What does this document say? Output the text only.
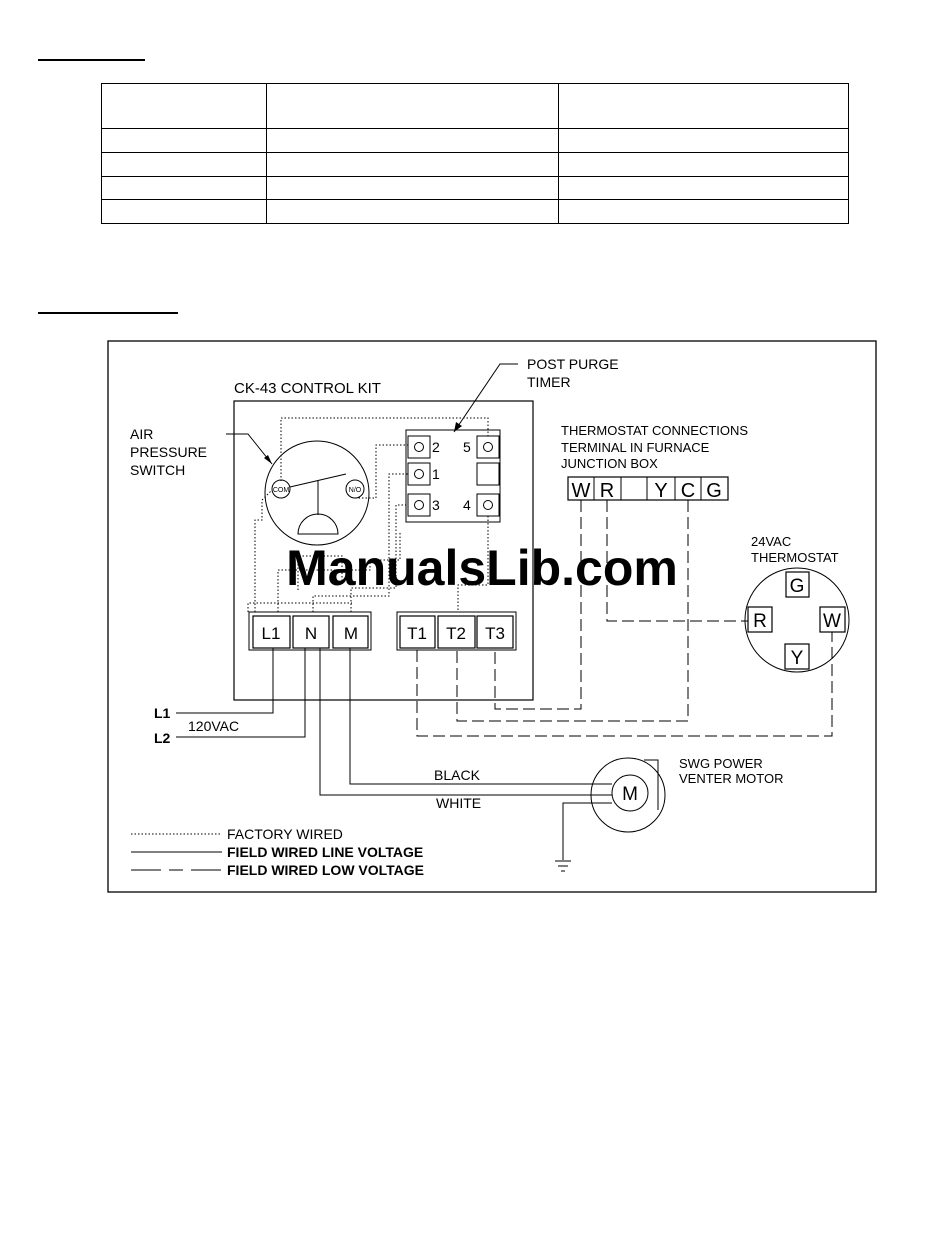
ManualsLib.com
CK-43 CONTROL KIT
POST PURGE
TIMER
AIR
PRESSURE
SWITCH
COM	N/O
2
1
3
5
4
L1 N M	T1 T2 T3
THERMOSTAT CONNECTIONS
TERMINAL IN FURNACE
JUNCTION BOX
W R Y C G
24VAC
THERMOSTAT
G
R	W
Y
L1
L2
120VAC
BLACK
WHITE	M
SWG POWER
VENTER MOTOR
FACTORY WIRED
FIELD WIRED LINE VOLTAGE
FIELD WIRED LOW VOLTAGE
